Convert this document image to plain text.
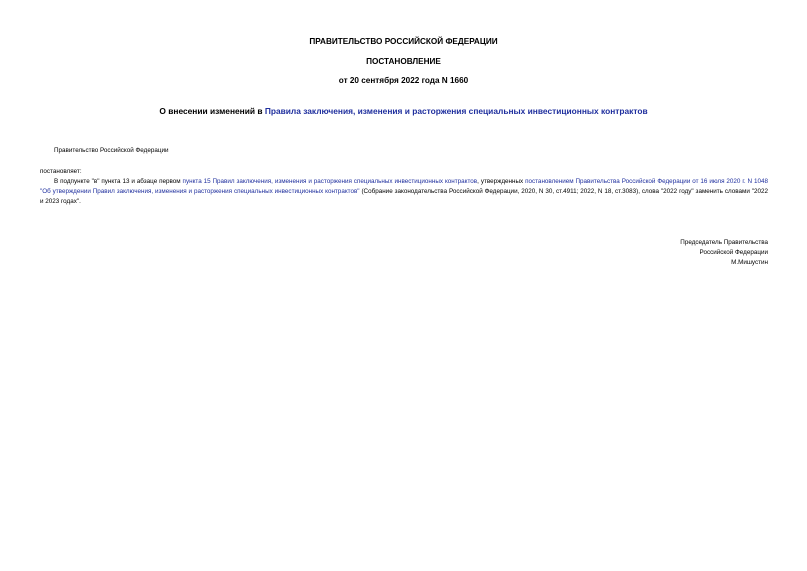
ПРАВИТЕЛЬСТВО РОССИЙСКОЙ ФЕДЕРАЦИИ
ПОСТАНОВЛЕНИЕ
от 20 сентября 2022 года N 1660
О внесении изменений в Правила заключения, изменения и расторжения специальных инвестиционных контрактов
Правительство Российской Федерации
постановляет:
В подпункте "в" пункта 13 и абзаце первом пункта 15 Правил заключения, изменения и расторжения специальных инвестиционных контрактов, утвержденных постановлением Правительства Российской Федерации от 16 июля 2020 г. N 1048 "Об утверждении Правил заключения, изменения и расторжения специальных инвестиционных контрактов" (Собрание законодательства Российской Федерации, 2020, N 30, ст.4911; 2022, N 18, ст.3083), слова "2022 году" заменить словами "2022 и 2023 годах".
Председатель Правительства
Российской Федерации
М.Мишустин
